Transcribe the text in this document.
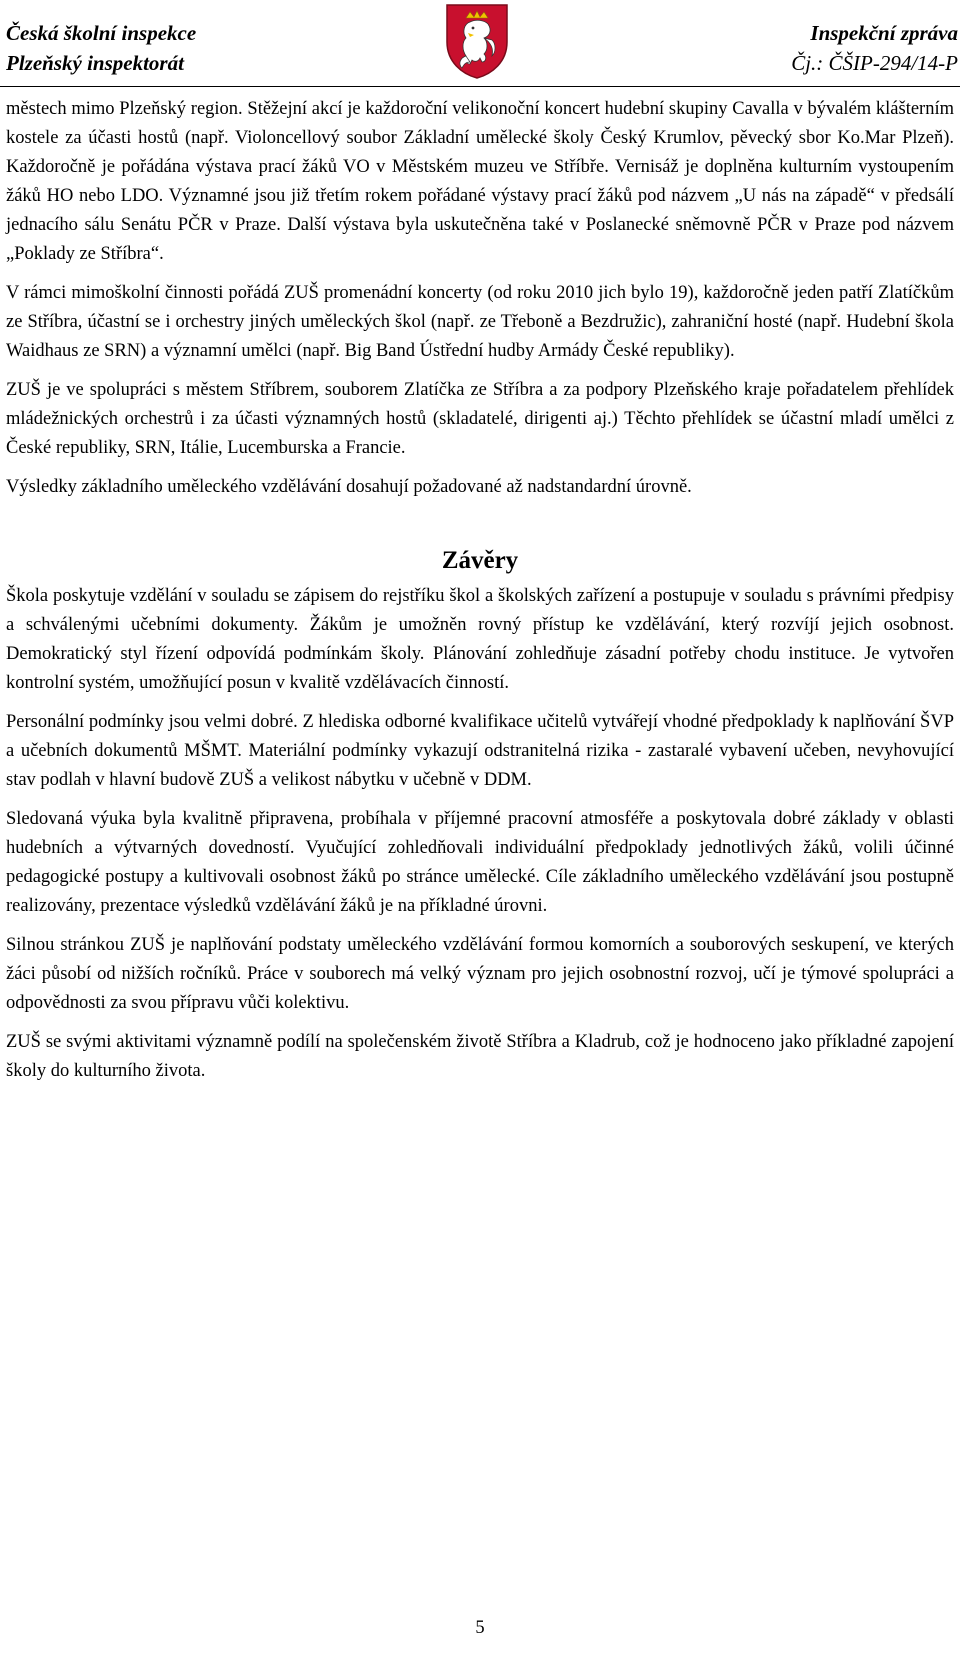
Česká školní inspekce
Plzeňský inspektorát
Inspekční zpráva
Čj.: ČŠIP-294/14-P

městech mimo Plzeňský region. Stěžejní akcí je každoroční velikonoční koncert hudební skupiny Cavalla v bývalém klášterním kostele za účasti hostů (např. Violoncellový soubor Základní umělecké školy Český Krumlov, pěvecký sbor Ko.Mar Plzeň). Každoročně je pořádána výstava prací žáků VO v Městském muzeu ve Stříbře. Vernisáž je doplněna kulturním vystoupením žáků HO nebo LDO. Významné jsou již třetím rokem pořádané výstavy prací žáků pod názvem „U nás na západě“ v předsálí jednacího sálu Senátu PČR v Praze. Další výstava byla uskutečněna také v Poslanecké sněmovně PČR v Praze pod názvem „Poklady ze Stříbra“.

V rámci mimoškolní činnosti pořádá ZUŠ promenádní koncerty (od roku 2010 jich bylo 19), každoročně jeden patří Zlatíčkům ze Stříbra, účastní se i orchestry jiných uměleckých škol (např. ze Třeboně a Bezdružic), zahraniční hosté (např. Hudební škola Waidhaus ze SRN) a významní umělci (např. Big Band Ústřední hudby Armády České republiky).

ZUŠ je ve spolupráci s městem Stříbrem, souborem Zlatíčka ze Stříbra a za podpory Plzeňského kraje pořadatelem přehlídek mládežnických orchestrů i za účasti významných hostů (skladatelé, dirigenti aj.) Těchto přehlídek se účastní mladí umělci z České republiky, SRN, Itálie, Lucemburska a Francie.

Výsledky základního uměleckého vzdělávání dosahují požadované až nadstandardní úrovně.

Závěry

Škola poskytuje vzdělání v souladu se zápisem do rejstříku škol a školských zařízení a postupuje v souladu s právními předpisy a schválenými učebními dokumenty. Žákům je umožněn rovný přístup ke vzdělávání, který rozvíjí jejich osobnost. Demokratický styl řízení odpovídá podmínkám školy. Plánování zohledňuje zásadní potřeby chodu instituce. Je vytvořen kontrolní systém, umožňující posun v kvalitě vzdělávacích činností.

Personální podmínky jsou velmi dobré. Z hlediska odborné kvalifikace učitelů vytvářejí vhodné předpoklady k naplňování ŠVP a učebních dokumentů MŠMT. Materiální podmínky vykazují odstranitelná rizika - zastaralé vybavení učeben, nevyhovující stav podlah v hlavní budově ZUŠ a velikost nábytku v učebně v DDM.

Sledovaná výuka byla kvalitně připravena, probíhala v příjemné pracovní atmosféře a poskytovala dobré základy v oblasti hudebních a výtvarných dovedností. Vyučující zohledňovali individuální předpoklady jednotlivých žáků, volili účinné pedagogické postupy a kultivovali osobnost žáků po stránce umělecké. Cíle základního uměleckého vzdělávání jsou postupně realizovány, prezentace výsledků vzdělávání žáků je na příkladné úrovni.

Silnou stránkou ZUŠ je naplňování podstaty uměleckého vzdělávání formou komorních a souborových seskupení, ve kterých žáci působí od nižších ročníků. Práce v souborech má velký význam pro jejich osobnostní rozvoj, učí je týmové spolupráci a odpovědnosti za svou přípravu vůči kolektivu.

ZUŠ se svými aktivitami významně podílí na společenském životě Stříbra a Kladrub, což je hodnoceno jako příkladné zapojení školy do kulturního života.

5
